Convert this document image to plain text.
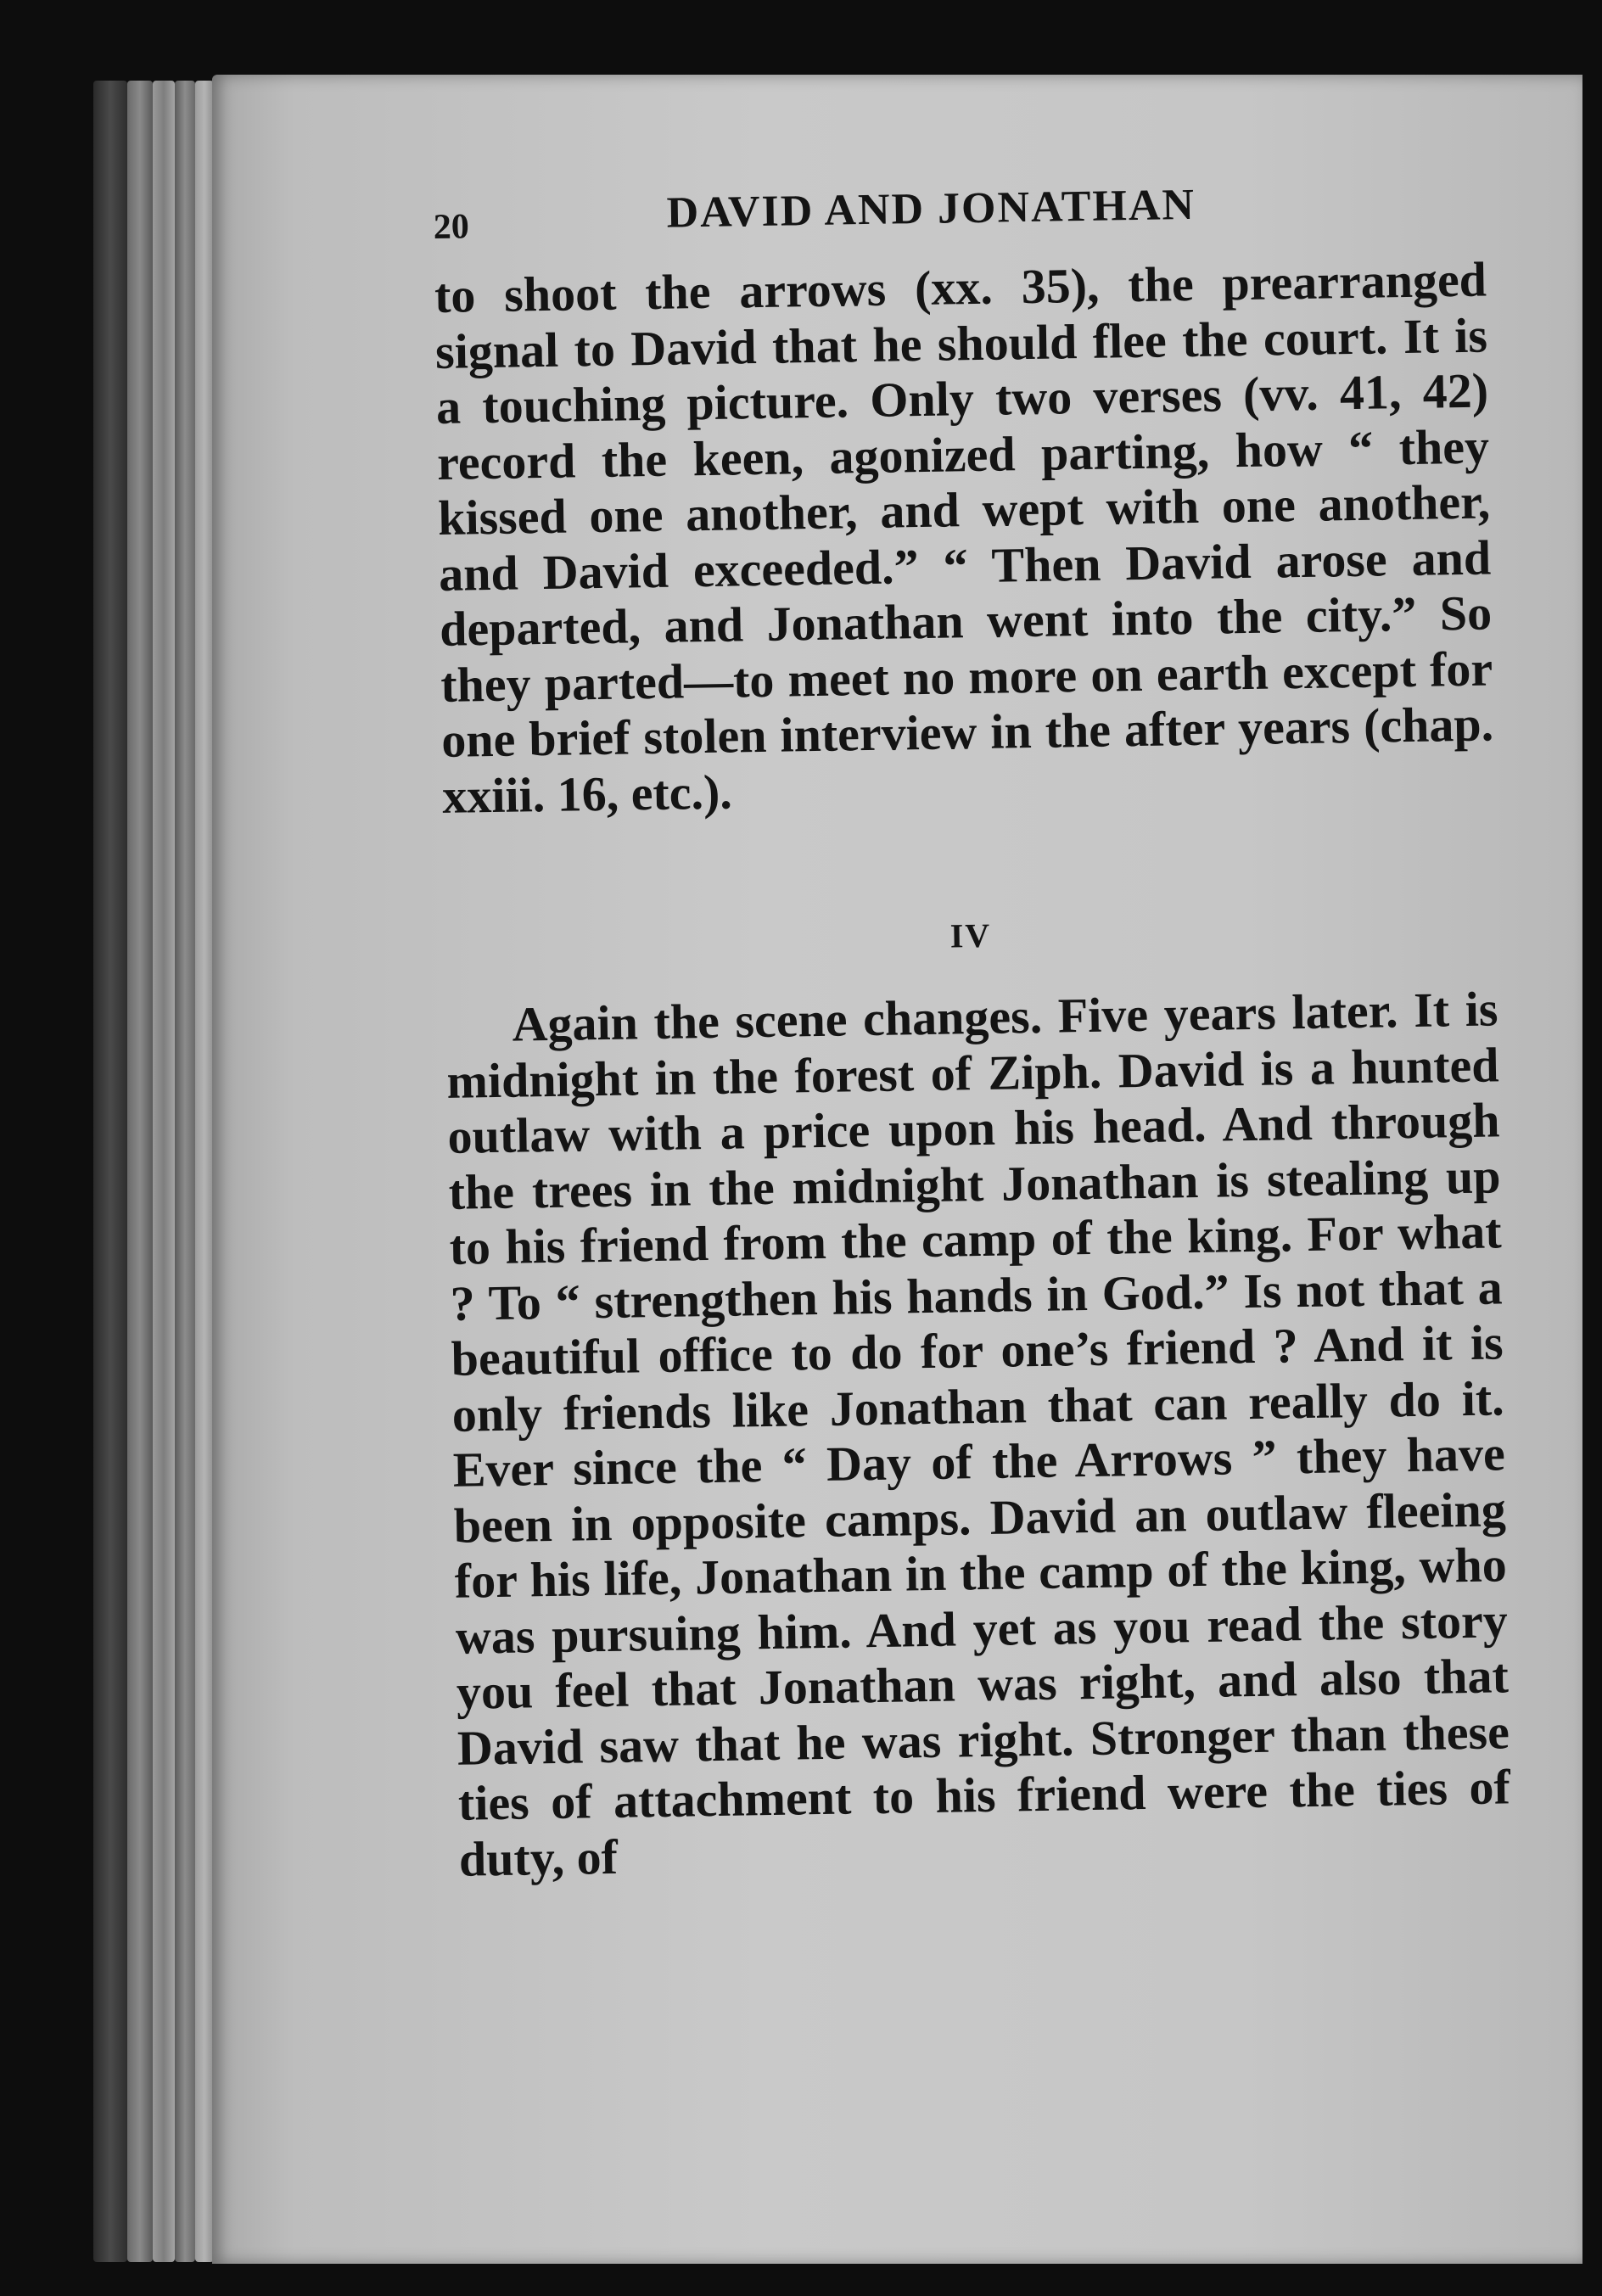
20	DAVID AND JONATHAN

to shoot the arrows (xx. 35), the prearranged signal to David that he should flee the court. It is a touching picture. Only two verses (vv. 41, 42) record the keen, agonized parting, how “ they kissed one another, and wept with one another, and David exceeded.” “ Then David arose and departed, and Jonathan went into the city.” So they parted—to meet no more on earth except for one brief stolen interview in the after years (chap. xxiii. 16, etc.).

IV

Again the scene changes. Five years later. It is midnight in the forest of Ziph. David is a hunted outlaw with a price upon his head. And through the trees in the midnight Jonathan is stealing up to his friend from the camp of the king. For what ? To “ strengthen his hands in God.” Is not that a beautiful office to do for one’s friend ? And it is only friends like Jonathan that can really do it. Ever since the “ Day of the Arrows ” they have been in opposite camps. David an outlaw fleeing for his life, Jonathan in the camp of the king, who was pursuing him. And yet as you read the story you feel that Jonathan was right, and also that David saw that he was right. Stronger than these ties of attachment to his friend were the ties of duty, of
